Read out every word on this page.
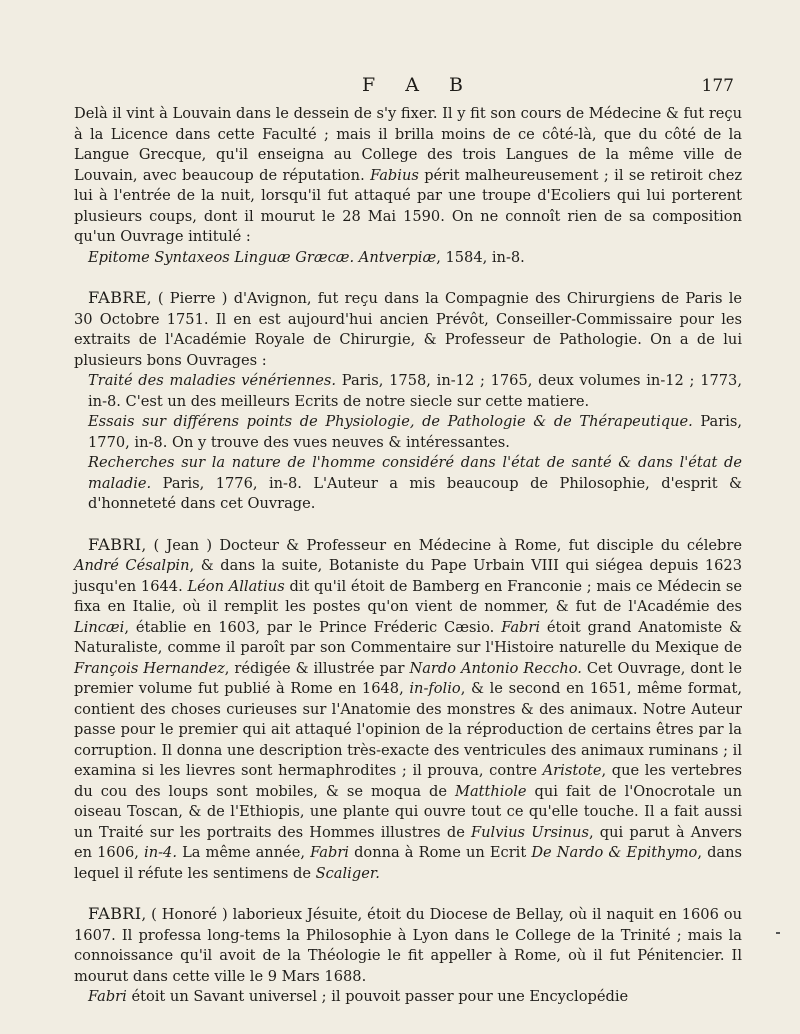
F A B	177

Delà il vint à Louvain dans le dessein de s'y fixer. Il y fit son cours de Médecine & fut reçu à la Licence dans cette Faculté ; mais il brilla moins de ce côté-là, que du côté de la Langue Grecque, qu'il enseigna au College des trois Langues de la même ville de Louvain, avec beaucoup de réputation. Fabius périt malheureusement ; il se retiroit chez lui à l'entrée de la nuit, lorsqu'il fut attaqué par une troupe d'Ecoliers qui lui porterent plusieurs coups, dont il mourut le 28 Mai 1590. On ne connoît rien de sa composition qu'un Ouvrage intitulé :

Epitome Syntaxeos Linguæ Græcæ. Antverpiæ, 1584, in-8.

FABRE, ( Pierre ) d'Avignon, fut reçu dans la Compagnie des Chirurgiens de Paris le 30 Octobre 1751. Il en est aujourd'hui ancien Prévôt, Conseiller-Commissaire pour les extraits de l'Académie Royale de Chirurgie, & Professeur de Pathologie. On a de lui plusieurs bons Ouvrages :

Traité des maladies vénériennes. Paris, 1758, in-12 ; 1765, deux volumes in-12 ; 1773, in-8. C'est un des meilleurs Ecrits de notre siecle sur cette matiere.

Essais sur différens points de Physiologie, de Pathologie & de Thérapeutique. Paris, 1770, in-8. On y trouve des vues neuves & intéressantes.

Recherches sur la nature de l'homme considéré dans l'état de santé & dans l'état de maladie. Paris, 1776, in-8. L'Auteur a mis beaucoup de Philosophie, d'esprit & d'honneteté dans cet Ouvrage.

FABRI, ( Jean ) Docteur & Professeur en Médecine à Rome, fut disciple du célebre André Césalpin, & dans la suite, Botaniste du Pape Urbain VIII qui siégea depuis 1623 jusqu'en 1644. Léon Allatius dit qu'il étoit de Bamberg en Franconie ; mais ce Médecin se fixa en Italie, où il remplit les postes qu'on vient de nommer, & fut de l'Académie des Lincæi, établie en 1603, par le Prince Fréderic Cæsio. Fabri étoit grand Anatomiste & Naturaliste, comme il paroît par son Commentaire sur l'Histoire naturelle du Mexique de François Hernandez, rédigée & illustrée par Nardo Antonio Reccho. Cet Ouvrage, dont le premier volume fut publié à Rome en 1648, in-folio, & le second en 1651, même format, contient des choses curieuses sur l'Anatomie des monstres & des animaux. Notre Auteur passe pour le premier qui ait attaqué l'opinion de la réproduction de certains êtres par la corruption. Il donna une description très-exacte des ventricules des animaux ruminans ; il examina si les lievres sont hermaphrodites ; il prouva, contre Aristote, que les vertebres du cou des loups sont mobiles, & se moqua de Matthiole qui fait de l'Onocrotale un oiseau Toscan, & de l'Ethiopis, une plante qui ouvre tout ce qu'elle touche. Il a fait aussi un Traité sur les portraits des Hommes illustres de Fulvius Ursinus, qui parut à Anvers en 1606, in-4. La même année, Fabri donna à Rome un Ecrit De Nardo & Epithymo, dans lequel il réfute les sentimens de Scaliger.

FABRI, ( Honoré ) laborieux Jésuite, étoit du Diocese de Bellay, où il naquit en 1606 ou 1607. Il professa long-tems la Philosophie à Lyon dans le College de la Trinité ; mais la connoissance qu'il avoit de la Théologie le fit appeller à Rome, où il fut Pénitencier. Il mourut dans cette ville le 9 Mars 1688.

Fabri étoit un Savant universel ; il pouvoit passer pour une Encyclopédie
